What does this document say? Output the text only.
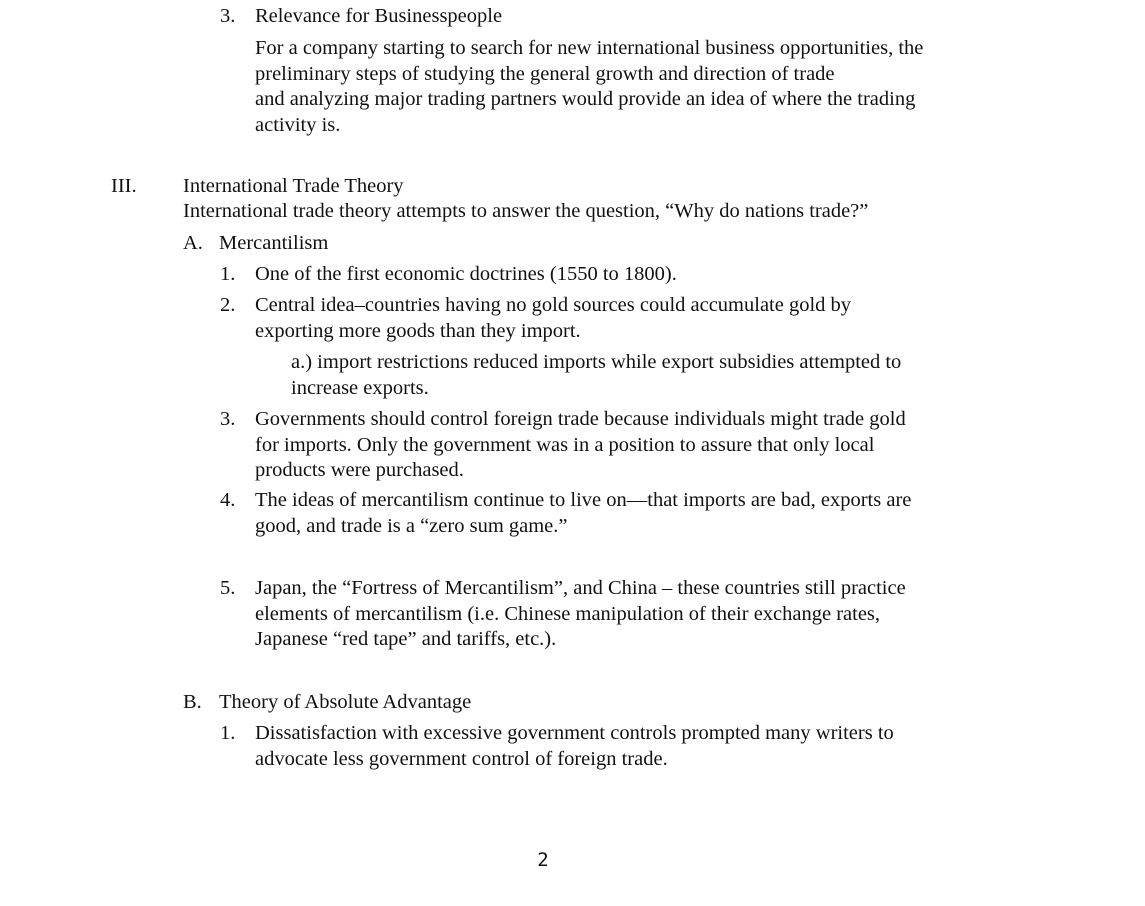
3. Relevance for Businesspeople
For a company starting to search for new international business opportunities, the
preliminary steps of studying the general growth and direction of trade
and analyzing major trading partners would provide an idea of where the trading
activity is.
III. International Trade Theory
International trade theory attempts to answer the question, “Why do nations trade?”
A. Mercantilism
1. One of the first economic doctrines (1550 to 1800).
2. Central idea–countries having no gold sources could accumulate gold by
exporting more goods than they import.
a.) import restrictions reduced imports while export subsidies attempted to
increase exports.
3. Governments should control foreign trade because individuals might trade gold
for imports. Only the government was in a position to assure that only local
products were purchased.
4. The ideas of mercantilism continue to live on—that imports are bad, exports are
good, and trade is a “zero sum game.”
5. Japan, the “Fortress of Mercantilism”, and China – these countries still practice
elements of mercantilism (i.e. Chinese manipulation of their exchange rates,
Japanese “red tape” and tariffs, etc.).
B. Theory of Absolute Advantage
1. Dissatisfaction with excessive government controls prompted many writers to
advocate less government control of foreign trade.
2
